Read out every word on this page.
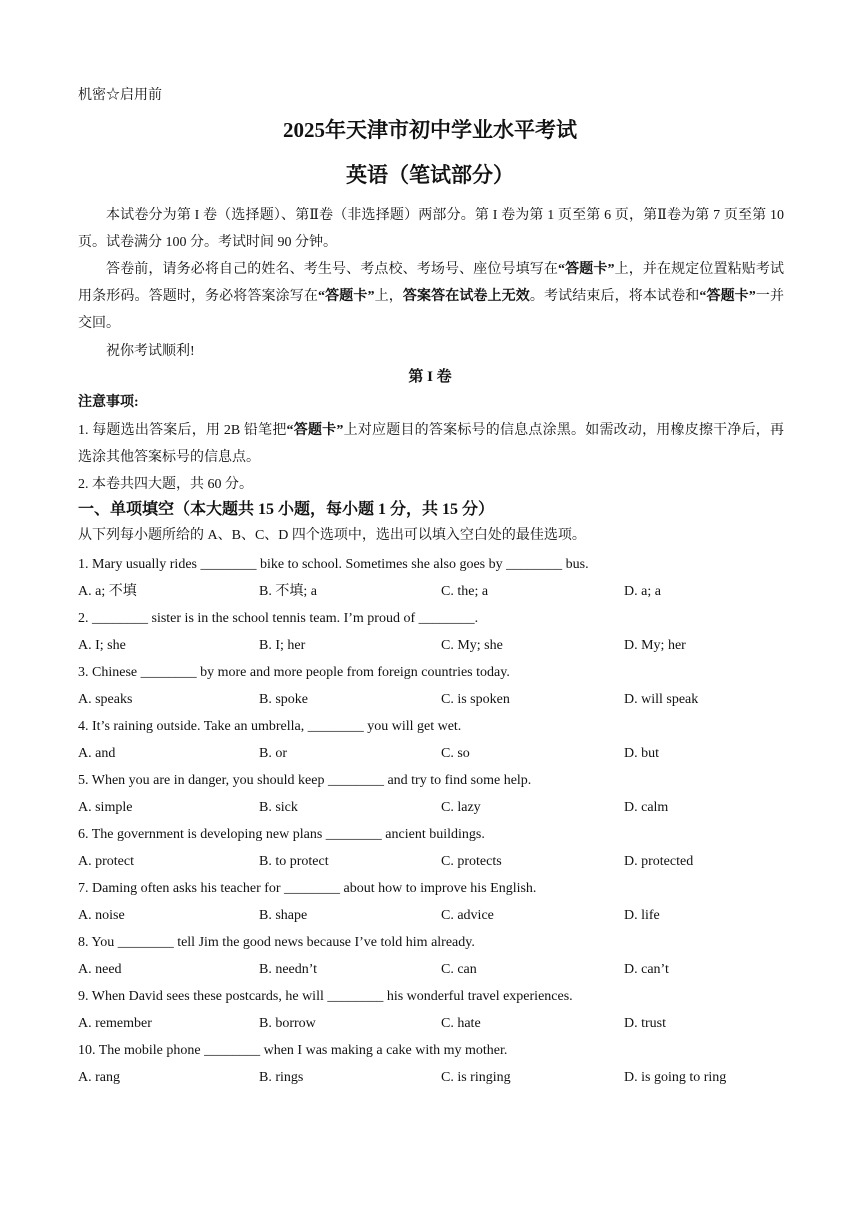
机密☆启用前
2025年天津市初中学业水平考试
英语（笔试部分）
本试卷分为第 I 卷（选择题）、第Ⅱ卷（非选择题）两部分。第 I 卷为第 1 页至第 6 页，第Ⅱ卷为第 7 页至第 10 页。试卷满分 100 分。考试时间 90 分钟。
答卷前，请务必将自己的姓名、考生号、考点校、考场号、座位号填写在“答题卡”上，并在规定位置粘贴考试用条形码。答题时，务必将答案涂写在“答题卡”上，答案答在试卷上无效。考试结束后，将本试卷和“答题卡”一并交回。
祝你考试顺利!
第 I 卷
注意事项:
1. 每题选出答案后，用 2B 铅笔把“答题卡”上对应题目的答案标号的信息点涂黑。如需改动，用橡皮擦干净后，再选涂其他答案标号的信息点。
2. 本卷共四大题，共 60 分。
一、单项填空（本大题共 15 小题，每小题 1 分，共 15 分）
从下列每小题所给的 A、B、C、D 四个选项中，选出可以填入空白处的最佳选项。
1. Mary usually rides ________ bike to school. Sometimes she also goes by ________ bus.
A. a; 不填	B. 不填; a	C. the; a	D. a; a
2. ________ sister is in the school tennis team. I’m proud of ________.
A. I; she	B. I; her	C. My; she	D. My; her
3. Chinese ________ by more and more people from foreign countries today.
A. speaks	B. spoke	C. is spoken	D. will speak
4. It’s raining outside. Take an umbrella, ________ you will get wet.
A. and	B. or	C. so	D. but
5. When you are in danger, you should keep ________ and try to find some help.
A. simple	B. sick	C. lazy	D. calm
6. The government is developing new plans ________ ancient buildings.
A. protect	B. to protect	C. protects	D. protected
7. Daming often asks his teacher for ________ about how to improve his English.
A. noise	B. shape	C. advice	D. life
8. You ________ tell Jim the good news because I’ve told him already.
A. need	B. needn’t	C. can	D. can’t
9. When David sees these postcards, he will ________ his wonderful travel experiences.
A. remember	B. borrow	C. hate	D. trust
10. The mobile phone ________ when I was making a cake with my mother.
A. rang	B. rings	C. is ringing	D. is going to ring
